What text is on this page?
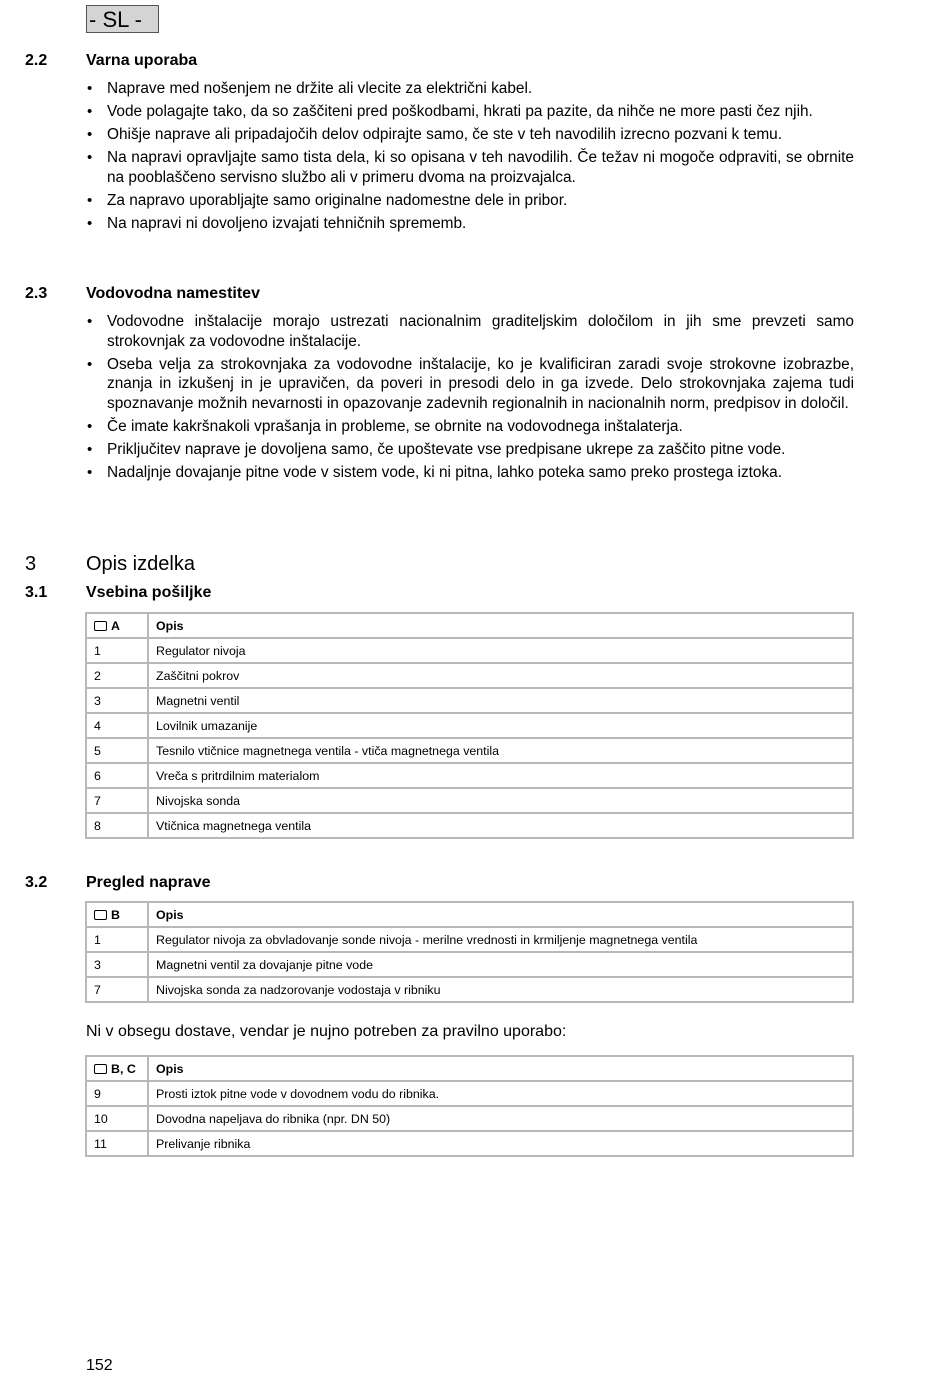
- SL -
2.2 Varna uporaba
• Naprave med nošenjem ne držite ali vlecite za električni kabel.
• Vode polagajte tako, da so zaščiteni pred poškodbami, hkrati pa pazite, da nihče ne more pasti čez njih.
• Ohišje naprave ali pripadajočih delov odpirajte samo, če ste v teh navodilih izrecno pozvani k temu.
• Na napravi opravljajte samo tista dela, ki so opisana v teh navodilih. Če težav ni mogoče odpraviti, se obrnite na pooblaščeno servisno službo ali v primeru dvoma na proizvajalca.
• Za napravo uporabljajte samo originalne nadomestne dele in pribor.
• Na napravi ni dovoljeno izvajati tehničnih sprememb.
2.3 Vodovodna namestitev
• Vodovodne inštalacije morajo ustrezati nacionalnim graditeljskim določilom in jih sme prevzeti samo strokovnjak za vodovodne inštalacije.
• Oseba velja za strokovnjaka za vodovodne inštalacije, ko je kvalificiran zaradi svoje strokovne izobrazbe, znanja in izkušenj in je upravičen, da poveri in presodi delo in ga izvede. Delo strokovnjaka zajema tudi spoznavanje možnih nevarnosti in opazovanje zadevnih regionalnih in nacionalnih norm, predpisov in določil.
• Če imate kakršnakoli vprašanja in probleme, se obrnite na vodovodnega inštalaterja.
• Priključitev naprave je dovoljena samo, če upoštevate vse predpisane ukrepe za zaščito pitne vode.
• Nadaljnje dovajanje pitne vode v sistem vode, ki ni pitna, lahko poteka samo preko prostega iztoka.
3 Opis izdelka
3.1 Vsebina pošiljke
A	Opis
1	Regulator nivoja
2	Zaščitni pokrov
3	Magnetni ventil
4	Lovilnik umazanije
5	Tesnilo vtičnice magnetnega ventila - vtiča magnetnega ventila
6	Vreča s pritrdilnim materialom
7	Nivojska sonda
8	Vtičnica magnetnega ventila
3.2 Pregled naprave
B	Opis
1	Regulator nivoja za obvladovanje sonde nivoja - merilne vrednosti in krmiljenje magnetnega ventila
3	Magnetni ventil za dovajanje pitne vode
7	Nivojska sonda za nadzorovanje vodostaja v ribniku
Ni v obsegu dostave, vendar je nujno potreben za pravilno uporabo:
B, C	Opis
9	Prosti iztok pitne vode v dovodnem vodu do ribnika.
10	Dovodna napeljava do ribnika (npr. DN 50)
11	Prelivanje ribnika
152
